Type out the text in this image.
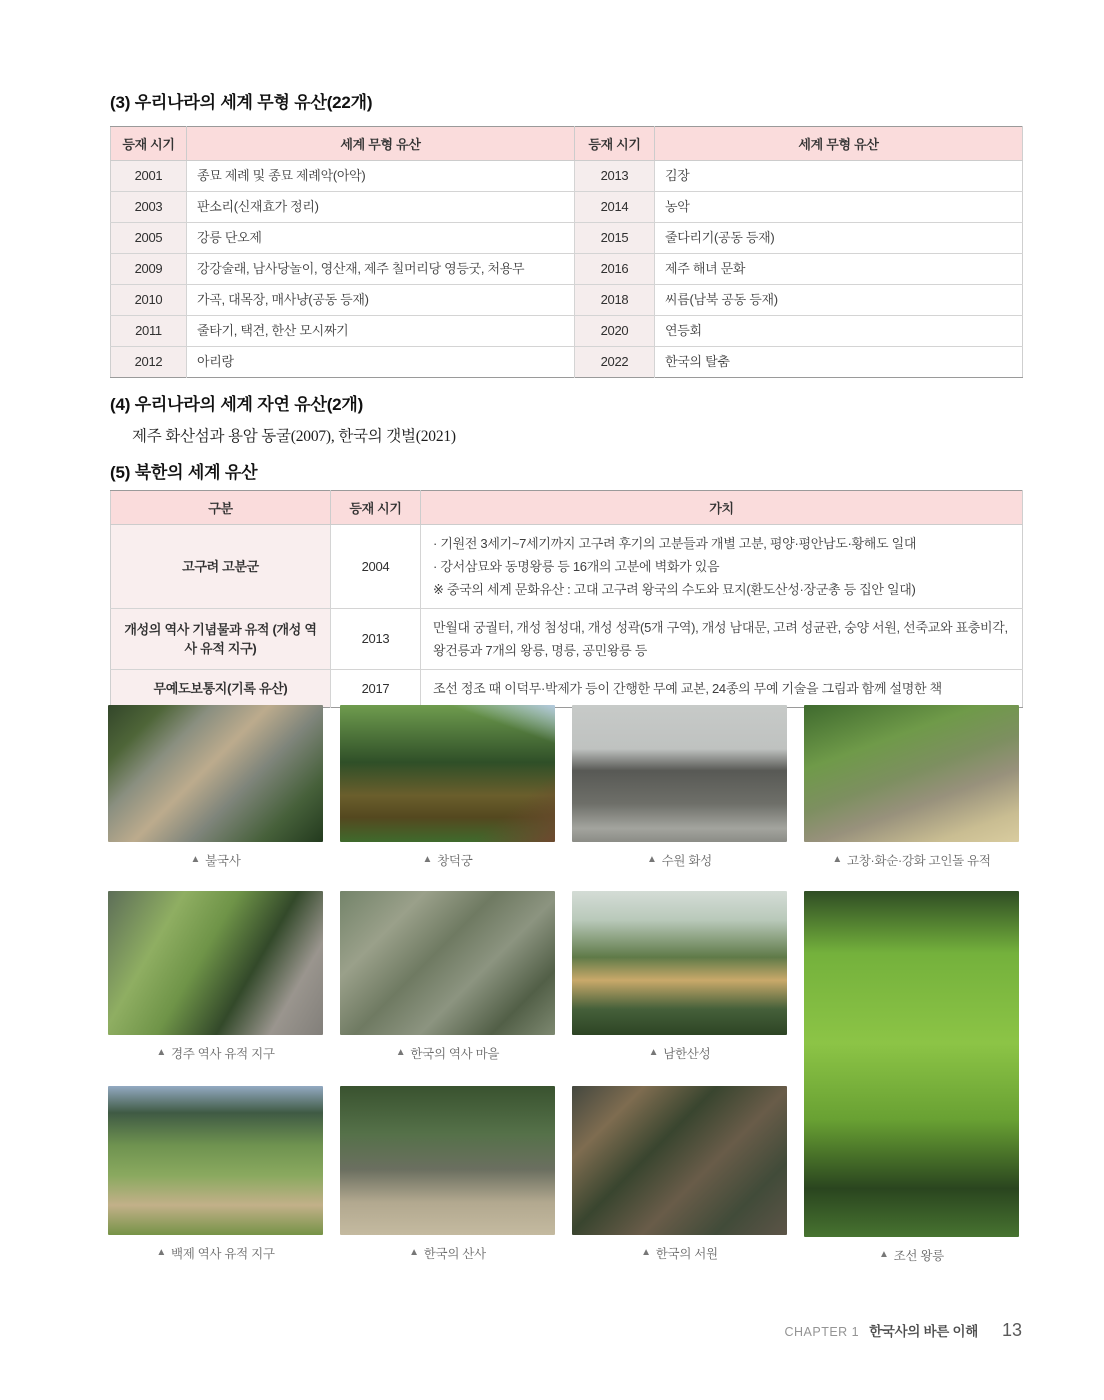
(3) 우리나라의 세계 무형 유산(22개)
등재 시기	세계 무형 유산	등재 시기	세계 무형 유산
2001	종묘 제례 및 종묘 제례악(아악)	2013	김장
2003	판소리(신재효가 정리)	2014	농악
2005	강릉 단오제	2015	줄다리기(공동 등재)
2009	강강술래, 남사당놀이, 영산재, 제주 칠머리당 영등굿, 처용무	2016	제주 해녀 문화
2010	가곡, 대목장, 매사냥(공동 등재)	2018	씨름(남북 공동 등재)
2011	줄타기, 택견, 한산 모시짜기	2020	연등회
2012	아리랑	2022	한국의 탈춤
(4) 우리나라의 세계 자연 유산(2개)
제주 화산섬과 용암 동굴(2007), 한국의 갯벌(2021)
(5) 북한의 세계 유산
구분	등재 시기	가치
고구려 고분군	2004	· 기원전 3세기~7세기까지 고구려 후기의 고분들과 개별 고분, 평양·평안남도·황해도 일대
· 강서삼묘와 동명왕릉 등 16개의 고분에 벽화가 있음
※ 중국의 세계 문화유산 : 고대 고구려 왕국의 수도와 묘지(환도산성·장군총 등 집안 일대)

개성의 역사 기념물과 유적 (개성 역사 유적 지구)	2013	만월대 궁궐터, 개성 첨성대, 개성 성곽(5개 구역), 개성 남대문, 고려 성균관, 숭양 서원, 선죽교와 표충비각, 왕건릉과 7개의 왕릉, 명릉, 공민왕릉 등
무예도보통지(기록 유산)	2017	조선 정조 때 이덕무·박제가 등이 간행한 무예 교본, 24종의 무예 기술을 그림과 함께 설명한 책
▲ 불국사	▲ 창덕궁	▲ 수원 화성	▲ 고창·화순·강화 고인돌 유적
▲ 경주 역사 유적 지구	▲ 한국의 역사 마을	▲ 남한산성
▲ 조선 왕릉
▲ 백제 역사 유적 지구	▲ 한국의 산사	▲ 한국의 서원
CHAPTER 1 한국사의 바른 이해 13
